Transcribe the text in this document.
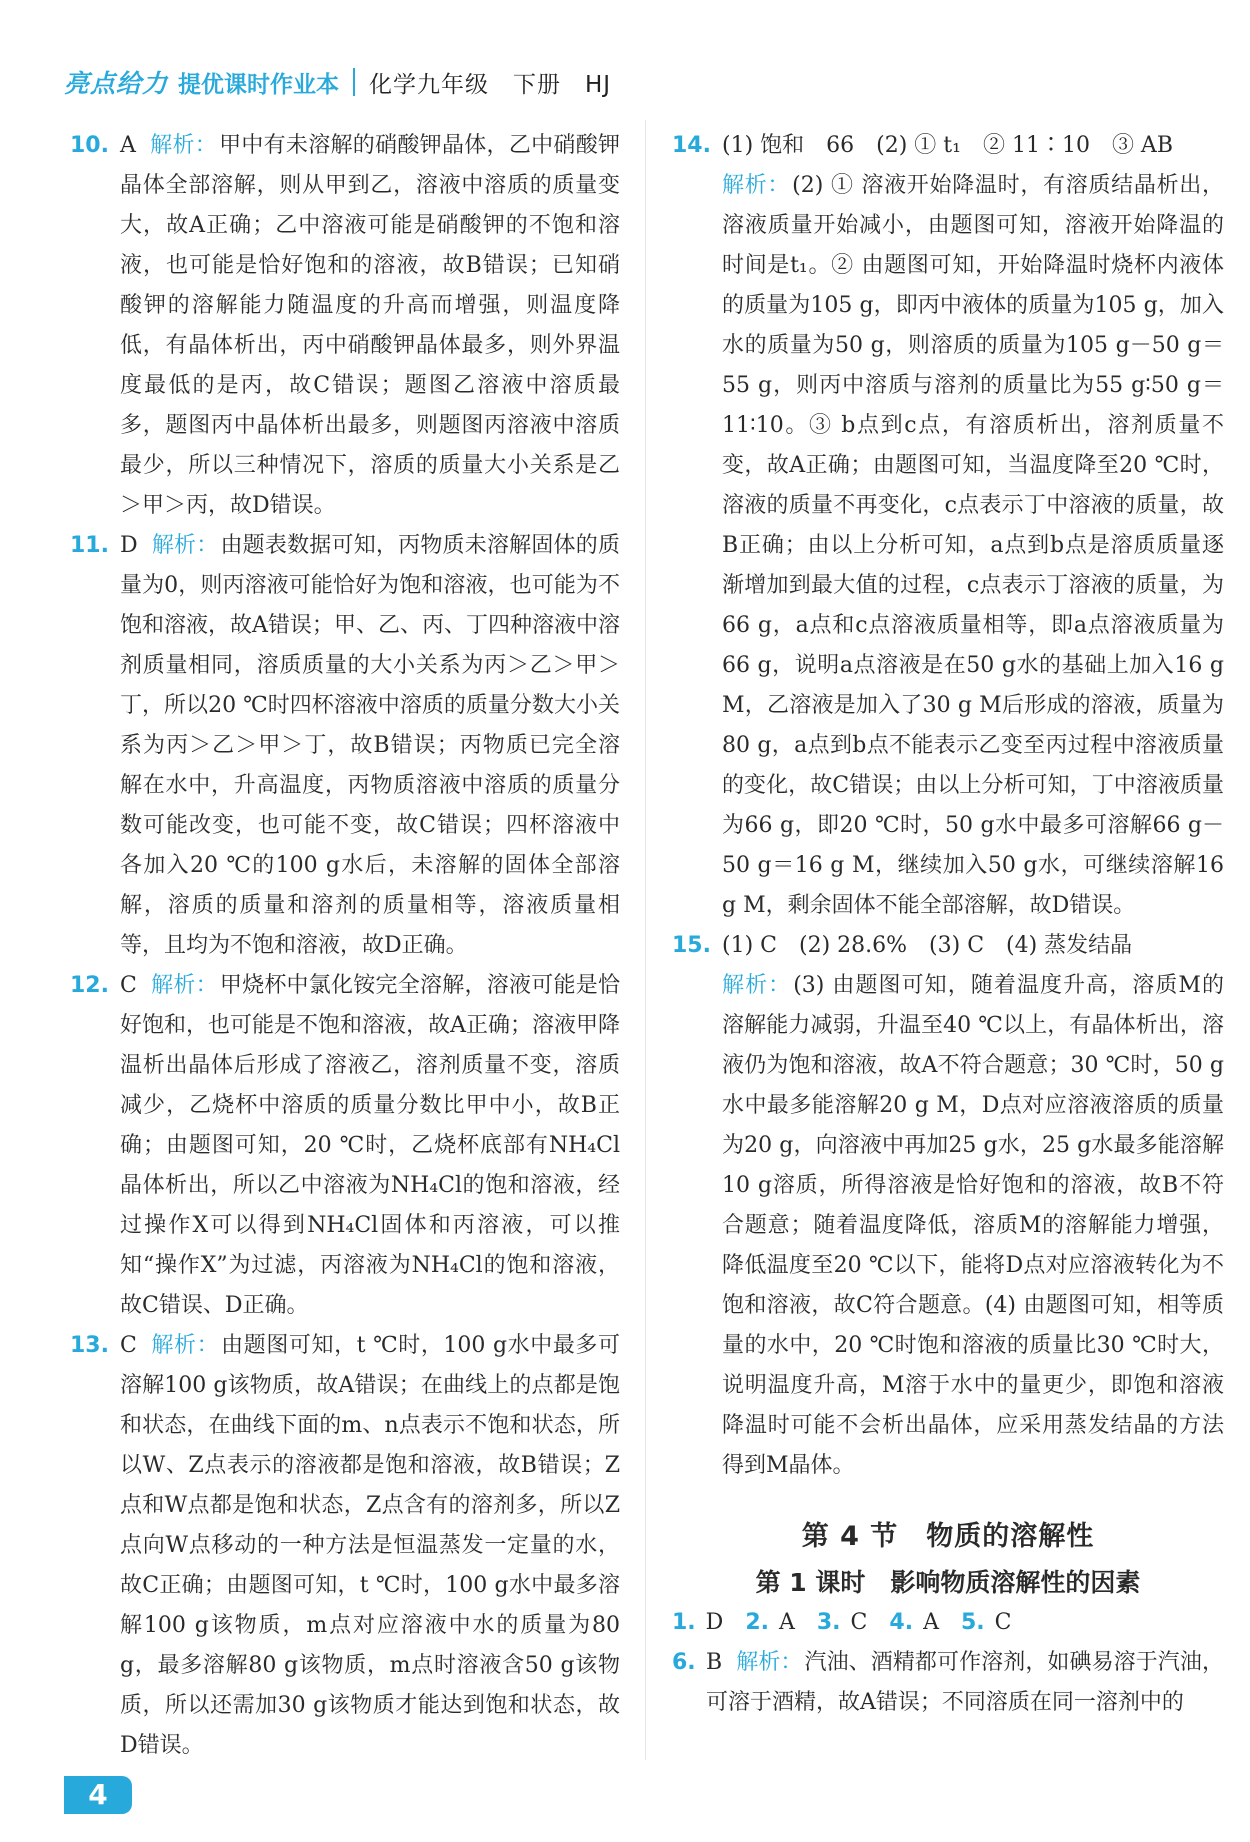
亮点给力 提优课时作业本 化学九年级　下册　HJ
10. A 解析：甲中有未溶解的硝酸钾晶体，乙中硝酸钾晶体全部溶解，则从甲到乙，溶液中溶质的质量变大，故A正确；乙中溶液可能是硝酸钾的不饱和溶液，也可能是恰好饱和的溶液，故B错误；已知硝酸钾的溶解能力随温度的升高而增强，则温度降低，有晶体析出，丙中硝酸钾晶体最多，则外界温度最低的是丙，故C错误；题图乙溶液中溶质最多，题图丙中晶体析出最多，则题图丙溶液中溶质最少，所以三种情况下，溶质的质量大小关系是乙＞甲＞丙，故D错误。
11. D 解析：由题表数据可知，丙物质未溶解固体的质量为0，则丙溶液可能恰好为饱和溶液，也可能为不饱和溶液，故A错误；甲、乙、丙、丁四种溶液中溶剂质量相同，溶质质量的大小关系为丙＞乙＞甲＞丁，所以20 ℃时四杯溶液中溶质的质量分数大小关系为丙＞乙＞甲＞丁，故B错误；丙物质已完全溶解在水中，升高温度，丙物质溶液中溶质的质量分数可能改变，也可能不变，故C错误；四杯溶液中各加入20 ℃的100 g水后，未溶解的固体全部溶解，溶质的质量和溶剂的质量相等，溶液质量相等，且均为不饱和溶液，故D正确。
12. C 解析：甲烧杯中氯化铵完全溶解，溶液可能是恰好饱和，也可能是不饱和溶液，故A正确；溶液甲降温析出晶体后形成了溶液乙，溶剂质量不变，溶质减少，乙烧杯中溶质的质量分数比甲中小，故B正确；由题图可知，20 ℃时，乙烧杯底部有NH₄Cl晶体析出，所以乙中溶液为NH₄Cl的饱和溶液，经过操作X可以得到NH₄Cl固体和丙溶液，可以推知“操作X”为过滤，丙溶液为NH₄Cl的饱和溶液，故C错误、D正确。
13. C 解析：由题图可知，t ℃时，100 g水中最多可溶解100 g该物质，故A错误；在曲线上的点都是饱和状态，在曲线下面的m、n点表示不饱和状态，所以W、Z点表示的溶液都是饱和溶液，故B错误；Z点和W点都是饱和状态，Z点含有的溶剂多，所以Z点向W点移动的一种方法是恒温蒸发一定量的水，故C正确；由题图可知，t ℃时，100 g水中最多溶解100 g该物质，m点对应溶液中水的质量为80 g，最多溶解80 g该物质，m点时溶液含50 g该物质，所以还需加30 g该物质才能达到饱和状态，故D错误。
14. (1) 饱和　66　(2) ① t₁　② 11∶10　③ AB
解析：(2) ① 溶液开始降温时，有溶质结晶析出，溶液质量开始减小，由题图可知，溶液开始降温的时间是t₁。② 由题图可知，开始降温时烧杯内液体的质量为105 g，即丙中液体的质量为105 g，加入水的质量为50 g，则溶质的质量为105 g－50 g＝55 g，则丙中溶质与溶剂的质量比为55 g∶50 g＝11∶10。③ b点到c点，有溶质析出，溶剂质量不变，故A正确；由题图可知，当温度降至20 ℃时，溶液的质量不再变化，c点表示丁中溶液的质量，故B正确；由以上分析可知，a点到b点是溶质质量逐渐增加到最大值的过程，c点表示丁溶液的质量，为66 g，a点和c点溶液质量相等，即a点溶液质量为66 g，说明a点溶液是在50 g水的基础上加入16 g M，乙溶液是加入了30 g M后形成的溶液，质量为80 g，a点到b点不能表示乙变至丙过程中溶液质量的变化，故C错误；由以上分析可知，丁中溶液质量为66 g，即20 ℃时，50 g水中最多可溶解66 g－50 g＝16 g M，继续加入50 g水，可继续溶解16 g M，剩余固体不能全部溶解，故D错误。
15. (1) C　(2) 28.6%　(3) C　(4) 蒸发结晶
解析：(3) 由题图可知，随着温度升高，溶质M的溶解能力减弱，升温至40 ℃以上，有晶体析出，溶液仍为饱和溶液，故A不符合题意；30 ℃时，50 g水中最多能溶解20 g M，D点对应溶液溶质的质量为20 g，向溶液中再加25 g水，25 g水最多能溶解10 g溶质，所得溶液是恰好饱和的溶液，故B不符合题意；随着温度降低，溶质M的溶解能力增强，降低温度至20 ℃以下，能将D点对应溶液转化为不饱和溶液，故C符合题意。(4) 由题图可知，相等质量的水中，20 ℃时饱和溶液的质量比30 ℃时大，说明温度升高，M溶于水中的量更少，即饱和溶液降温时可能不会析出晶体，应采用蒸发结晶的方法得到M晶体。
第 4 节　物质的溶解性
第 1 课时　影响物质溶解性的因素
1. D 2. A 3. C 4. A 5. C
6. B 解析：汽油、酒精都可作溶剂，如碘易溶于汽油，可溶于酒精，故A错误；不同溶质在同一溶剂中的
4
